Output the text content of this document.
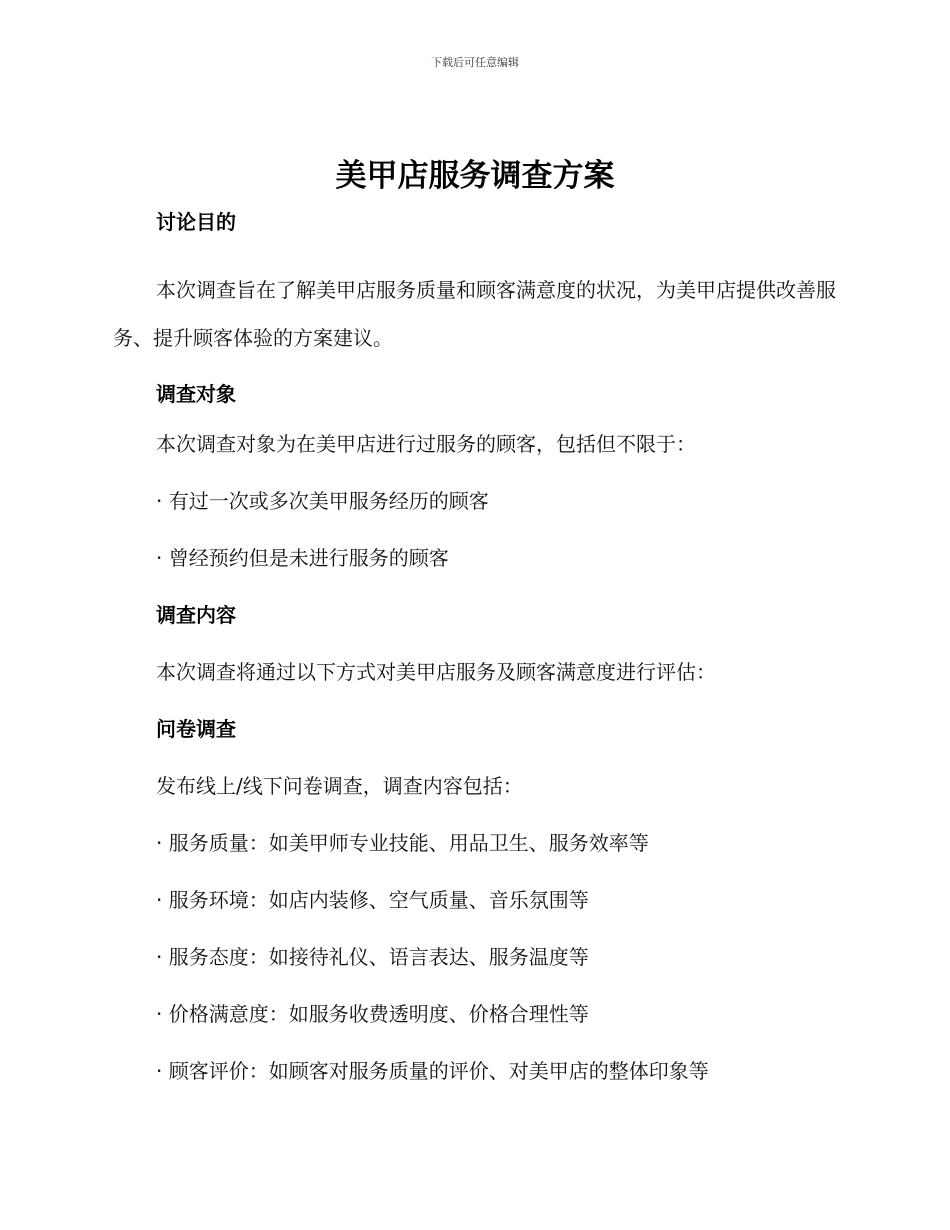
下载后可任意编辑
美甲店服务调查方案
讨论目的

本次调查旨在了解美甲店服务质量和顾客满意度的状况，为美甲店提供改善服务、提升顾客体验的方案建议。

调查对象
本次调查对象为在美甲店进行过服务的顾客，包括但不限于：
· 有过一次或多次美甲服务经历的顾客
· 曾经预约但是未进行服务的顾客
调查内容
本次调查将通过以下方式对美甲店服务及顾客满意度进行评估：
问卷调查
发布线上/线下问卷调查，调查内容包括：
· 服务质量：如美甲师专业技能、用品卫生、服务效率等
· 服务环境：如店内装修、空气质量、音乐氛围等
· 服务态度：如接待礼仪、语言表达、服务温度等
· 价格满意度：如服务收费透明度、价格合理性等
· 顾客评价：如顾客对服务质量的评价、对美甲店的整体印象等
